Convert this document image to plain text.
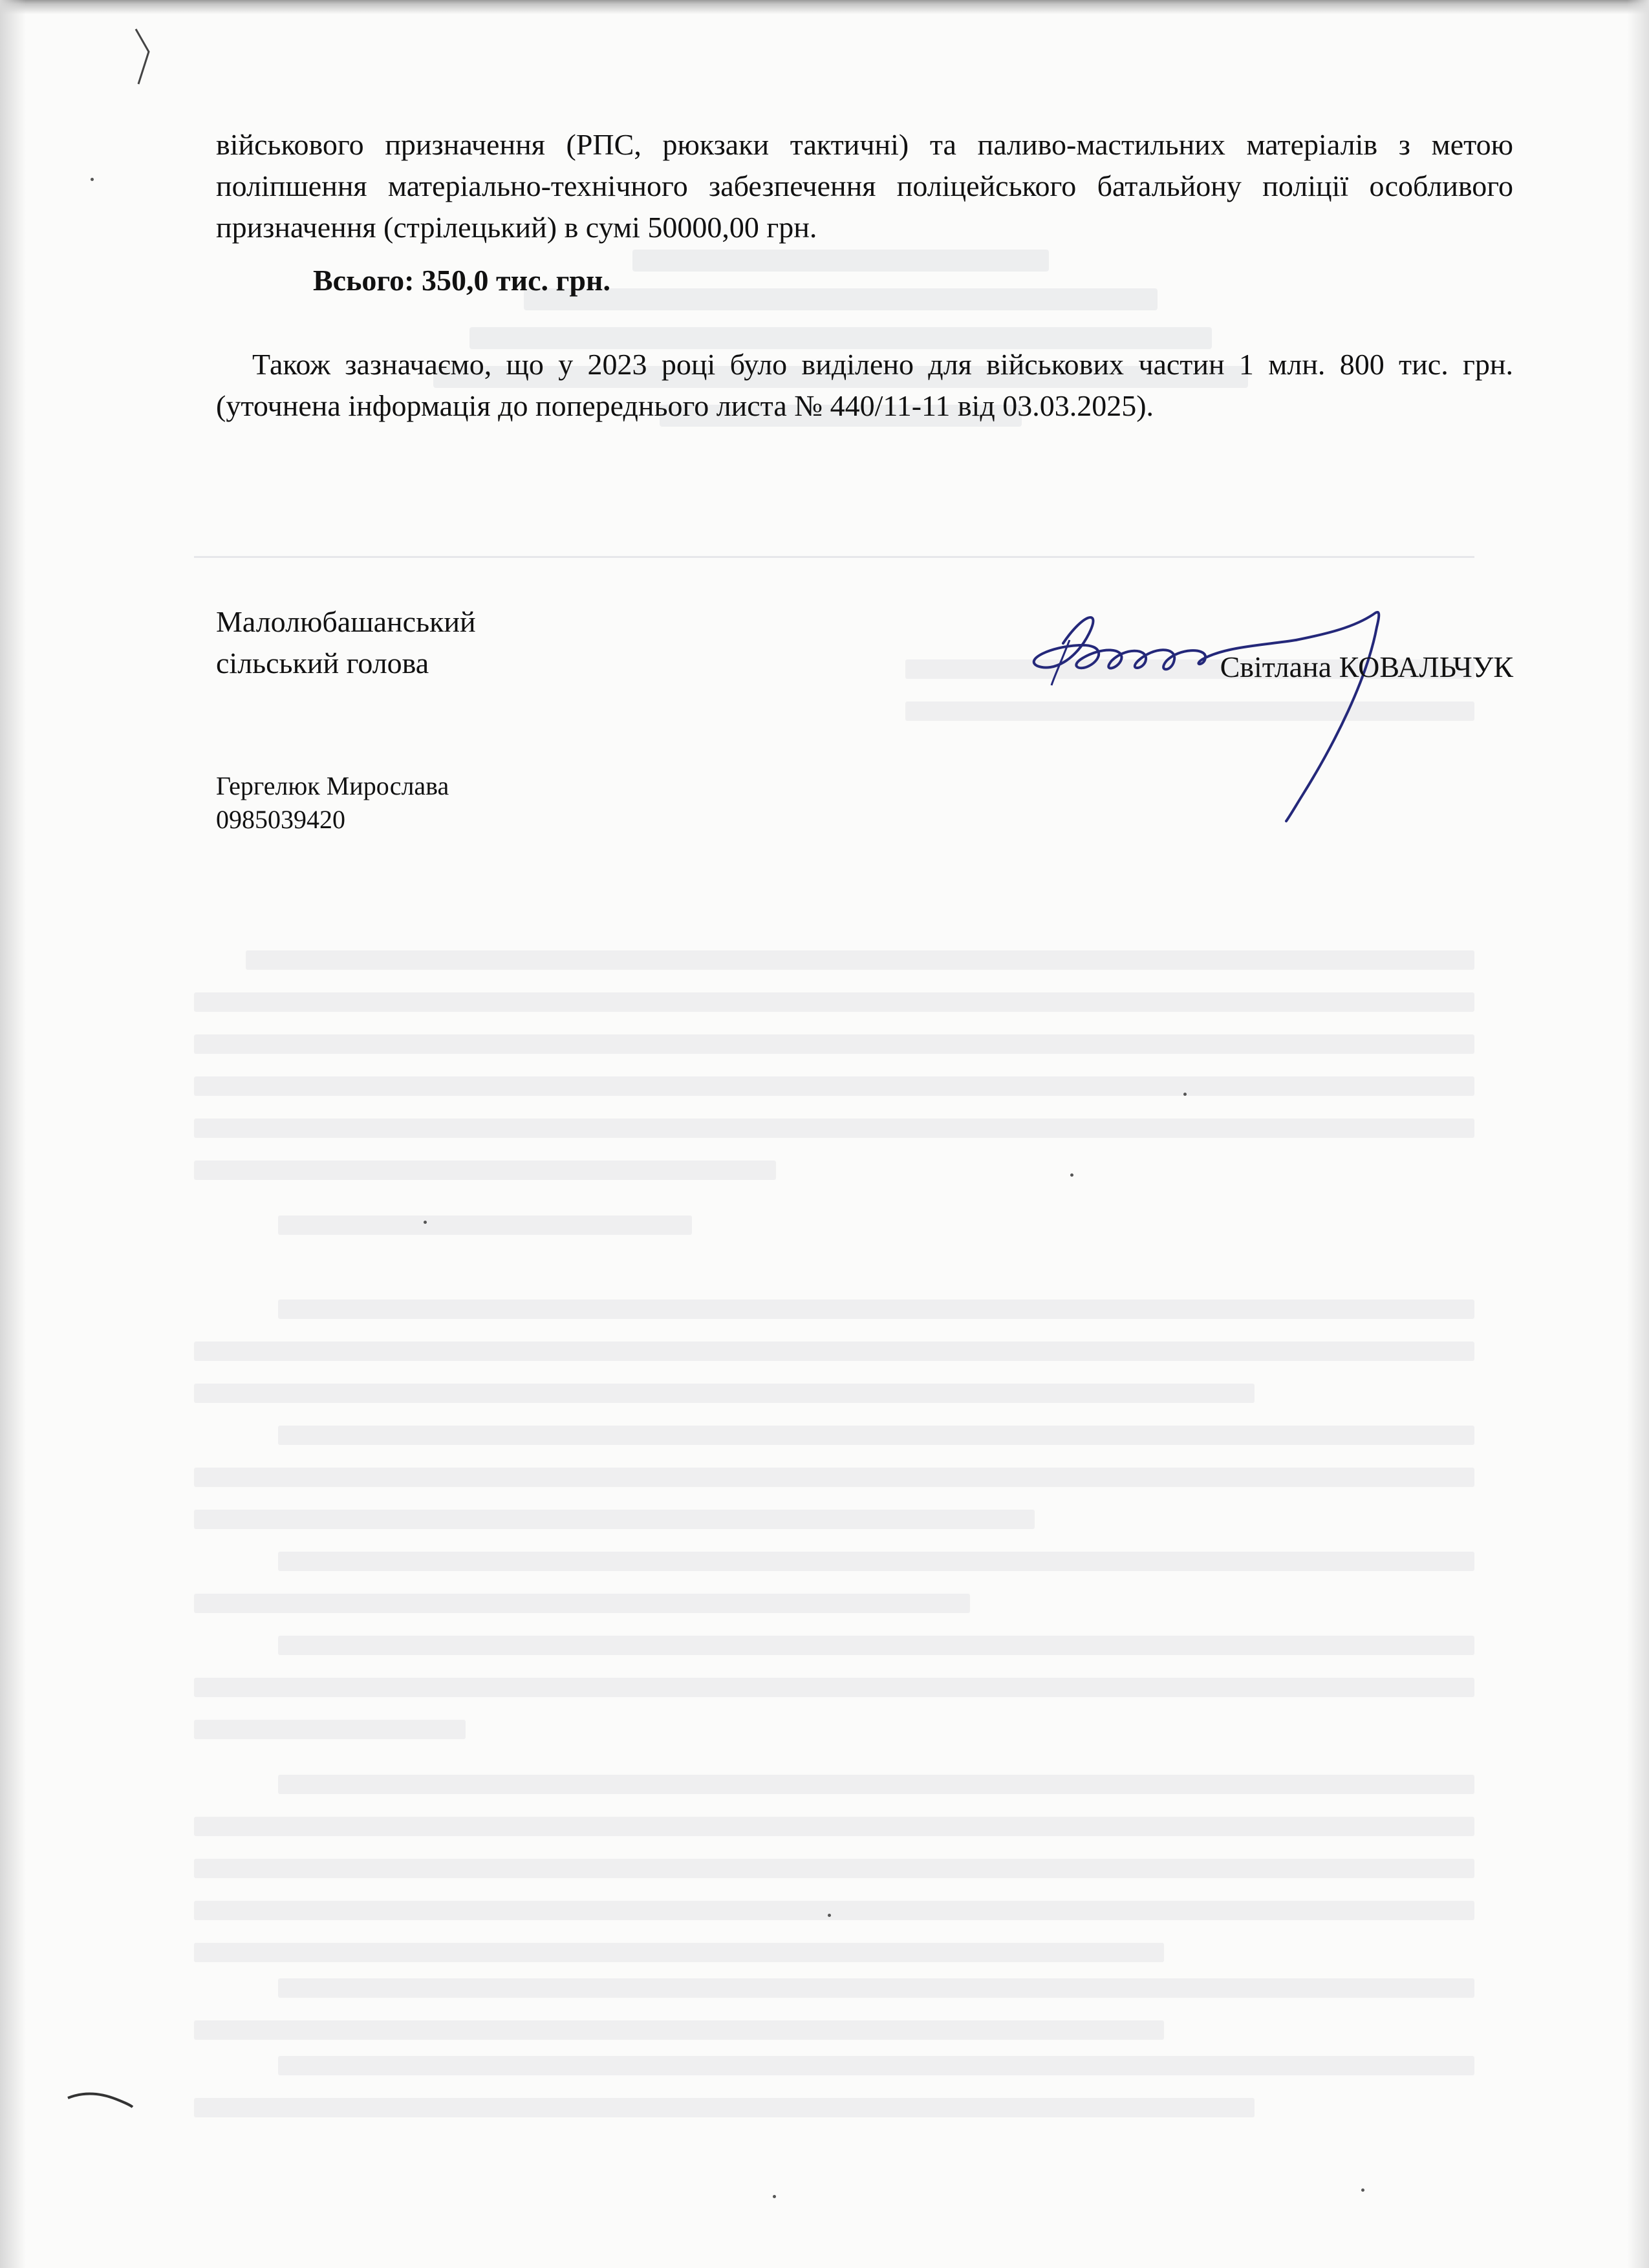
військового призначення (РПС, рюкзаки тактичні) та паливо-мастильних матеріалів з метою поліпшення матеріально-технічного забезпечення поліцейського батальйону поліції особливого призначення (стрілецький) в сумі 50000,00 грн.

Всього: 350,0 тис. грн.

Також зазначаємо, що у 2023 році було виділено для військових частин 1 млн. 800 тис. грн. (уточнена інформація до попереднього листа № 440/11-11 від 03.03.2025).

Малолюбашанський
сільський голова	Світлана КОВАЛЬЧУК
Гергелюк Мирослава
0985039420
